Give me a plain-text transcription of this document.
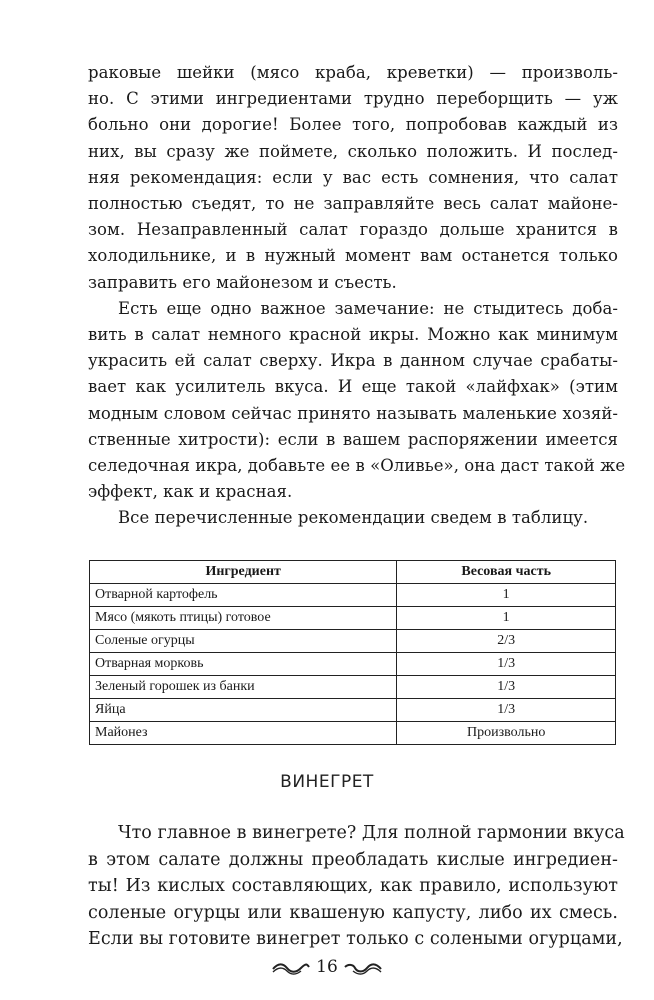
раковые шейки (мясо краба, креветки) — произволь-
но. С этими ингредиентами трудно переборщить — уж
больно они дорогие! Более того, попробовав каждый из
них, вы сразу же поймете, сколько положить. И послед-
няя рекомендация: если у вас есть сомнения, что салат
полностью съедят, то не заправляйте весь салат майоне-
зом. Незаправленный салат гораздо дольше хранится в
холодильнике, и в нужный момент вам останется только
заправить его майонезом и съесть.

Есть еще одно важное замечание: не стыдитесь доба-
вить в салат немного красной икры. Можно как минимум
украсить ей салат сверху. Икра в данном случае срабаты-
вает как усилитель вкуса. И еще такой «лайфхак» (этим
модным словом сейчас принято называть маленькие хозяй-
ственные хитрости): если в вашем распоряжении имеется
селедочная икра, добавьте ее в «Оливье», она даст такой же
эффект, как и красная.

Все перечисленные рекомендации сведем в таблицу.

Ингредиент	Весовая часть
Отварной картофель	1
Мясо (мякоть птицы) готовое	1
Соленые огурцы	2/3
Отварная морковь	1/3
Зеленый горошек из банки	1/3
Яйца	1/3
Майонез	Произвольно
ВИНЕГРЕТ

Что главное в винегрете? Для полной гармонии вкуса
в этом салате должны преобладать кислые ингредиен-
ты! Из кислых составляющих, как правило, используют
соленые огурцы или квашеную капусту, либо их смесь.
Если вы готовите винегрет только с солеными огурцами,

16
